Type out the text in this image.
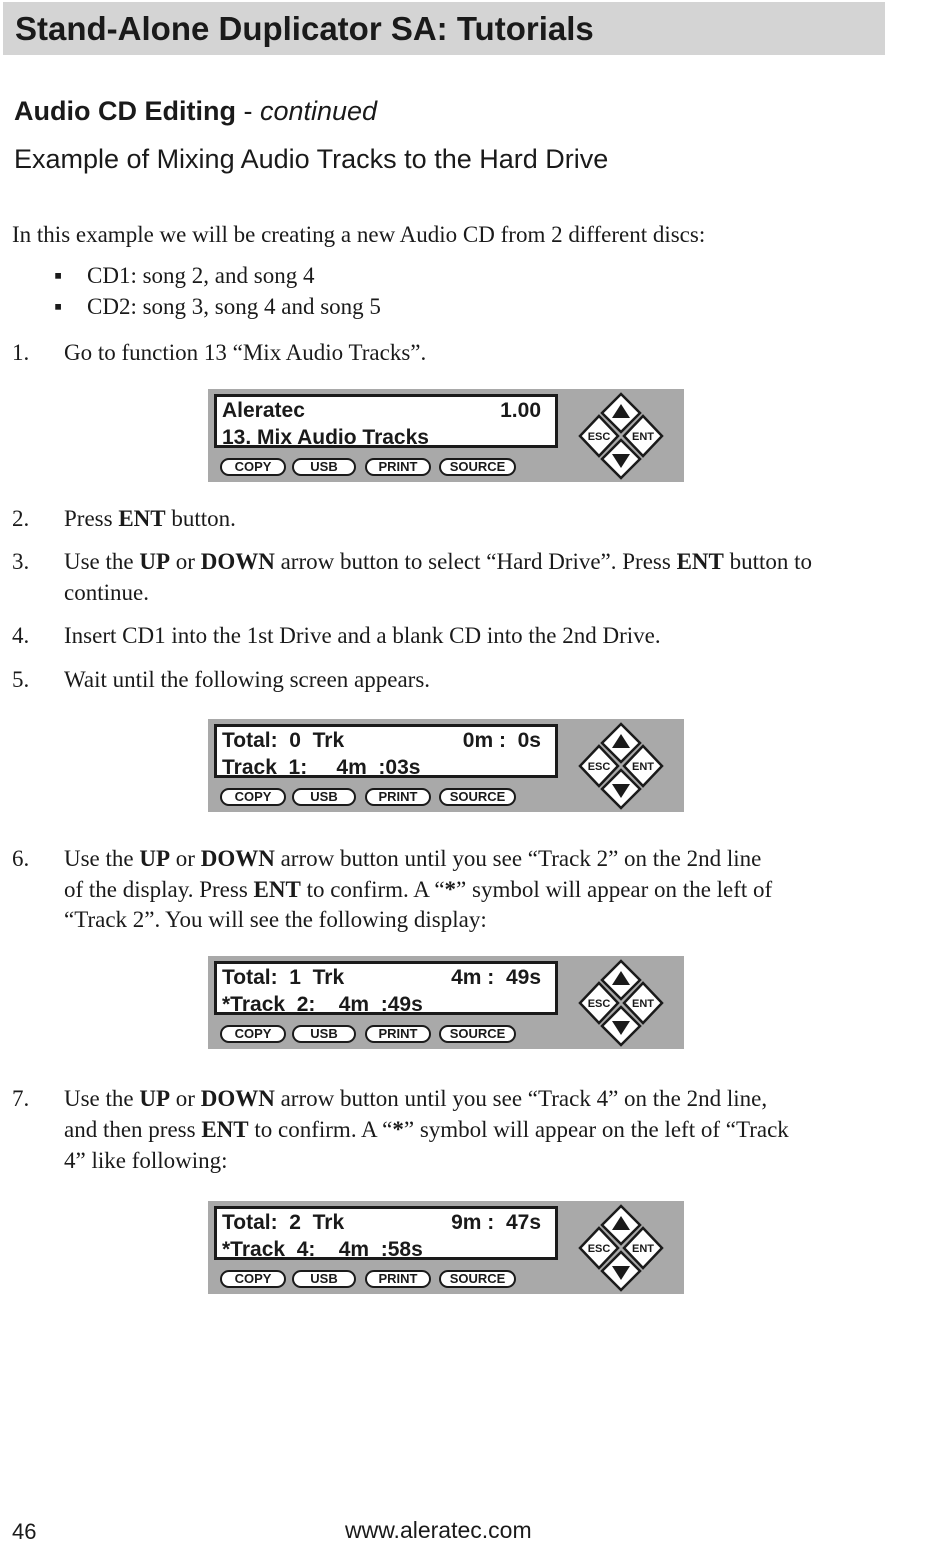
Stand-Alone Duplicator SA: Tutorials
Audio CD Editing - continued
Example of Mixing Audio Tracks to the Hard Drive
In this example we will be creating a new Audio CD from 2 different discs:
▪ CD1: song 2, and song 4
▪ CD2: song 3, song 4 and song 5
1. Go to function 13 “Mix Audio Tracks”.
Aleratec	1.00
13. Mix Audio Tracks
COPY	USB	PRINT	SOURCE
ESC ENT
2. Press ENT button.
3. Use the UP or DOWN arrow button to select “Hard Drive”. Press ENT button to
continue.
4. Insert CD1 into the 1st Drive and a blank CD into the 2nd Drive.
5. Wait until the following screen appears.
Total:  0  Trk	0m :  0s
Track  1:     4m  :03s
COPY	USB	PRINT	SOURCE
ESC ENT
6. Use the UP or DOWN arrow button until you see “Track 2” on the 2nd line
of the display. Press ENT to confirm. A “*” symbol will appear on the left of
“Track 2”. You will see the following display:
Total:  1  Trk	4m :  49s
*Track  2:    4m  :49s
COPY	USB	PRINT	SOURCE
ESC ENT
7. Use the UP or DOWN arrow button until you see “Track 4” on the 2nd line,
and then press ENT to confirm. A “*” symbol will appear on the left of “Track
4” like following:
Total:  2  Trk	9m :  47s
*Track  4:    4m  :58s
COPY	USB	PRINT	SOURCE
ESC ENT
46	www.aleratec.com
